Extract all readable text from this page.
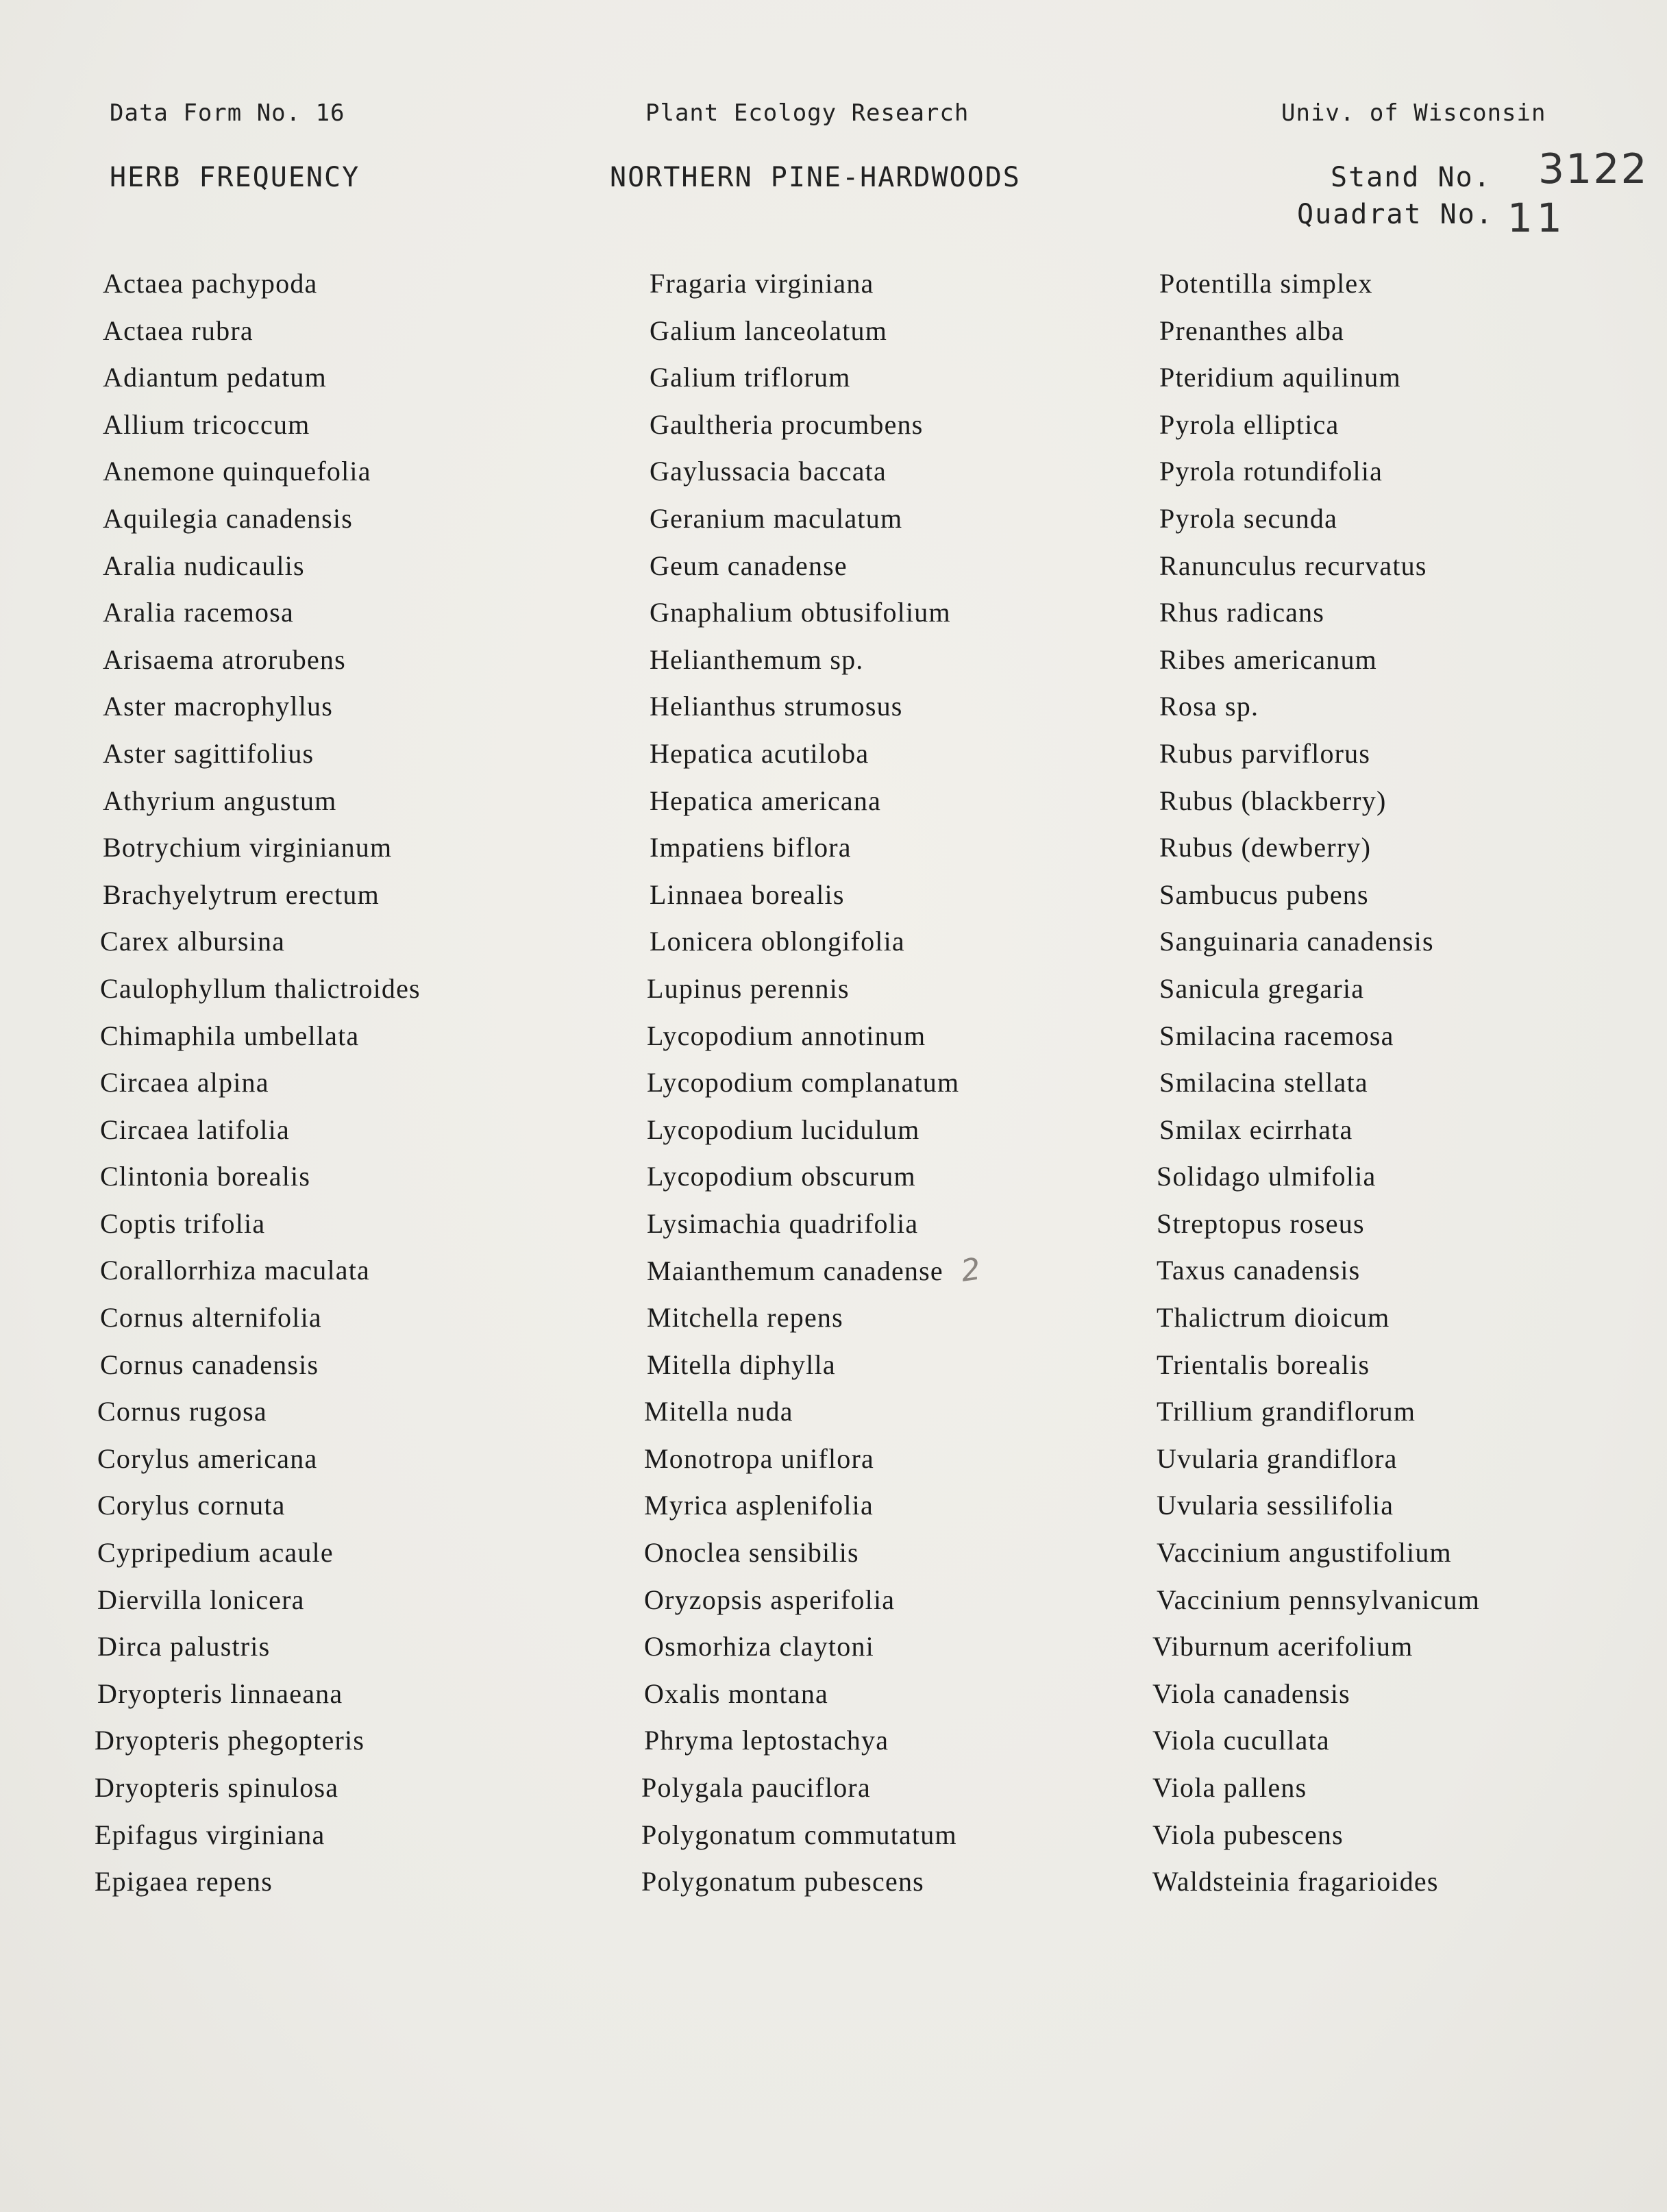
Data Form No. 16	Plant Ecology Research	Univ. of Wisconsin
HERB FREQUENCY	NORTHERN PINE-HARDWOODS	Stand No. 3122
Quadrat No. 11
Actaea pachypoda
Actaea rubra
Adiantum pedatum
Allium tricoccum
Anemone quinquefolia
Aquilegia canadensis
Aralia nudicaulis
Aralia racemosa
Arisaema atrorubens
Aster macrophyllus
Aster sagittifolius
Athyrium angustum
Botrychium virginianum
Brachyelytrum erectum
Carex albursina
Caulophyllum thalictroides
Chimaphila umbellata
Circaea alpina
Circaea latifolia
Clintonia borealis
Coptis trifolia
Corallorrhiza maculata
Cornus alternifolia
Cornus canadensis
Cornus rugosa
Corylus americana
Corylus cornuta
Cypripedium acaule
Diervilla lonicera
Dirca palustris
Dryopteris linnaeana
Dryopteris phegopteris
Dryopteris spinulosa
Epifagus virginiana
Epigaea repens
Fragaria virginiana
Galium lanceolatum
Galium triflorum
Gaultheria procumbens
Gaylussacia baccata
Geranium maculatum
Geum canadense
Gnaphalium obtusifolium
Helianthemum sp.
Helianthus strumosus
Hepatica acutiloba
Hepatica americana
Impatiens biflora
Linnaea borealis
Lonicera oblongifolia
Lupinus perennis
Lycopodium annotinum
Lycopodium complanatum
Lycopodium lucidulum
Lycopodium obscurum
Lysimachia quadrifolia
Maianthemum canadense 2
Mitchella repens
Mitella diphylla
Mitella nuda
Monotropa uniflora
Myrica asplenifolia
Onoclea sensibilis
Oryzopsis asperifolia
Osmorhiza claytoni
Oxalis montana
Phryma leptostachya
Polygala pauciflora
Polygonatum commutatum
Polygonatum pubescens
Potentilla simplex
Prenanthes alba
Pteridium aquilinum
Pyrola elliptica
Pyrola rotundifolia
Pyrola secunda
Ranunculus recurvatus
Rhus radicans
Ribes americanum
Rosa sp.
Rubus parviflorus
Rubus (blackberry)
Rubus (dewberry)
Sambucus pubens
Sanguinaria canadensis
Sanicula gregaria
Smilacina racemosa
Smilacina stellata
Smilax ecirrhata
Solidago ulmifolia
Streptopus roseus
Taxus canadensis
Thalictrum dioicum
Trientalis borealis
Trillium grandiflorum
Uvularia grandiflora
Uvularia sessilifolia
Vaccinium angustifolium
Vaccinium pennsylvanicum
Viburnum acerifolium
Viola canadensis
Viola cucullata
Viola pallens
Viola pubescens
Waldsteinia fragarioides
